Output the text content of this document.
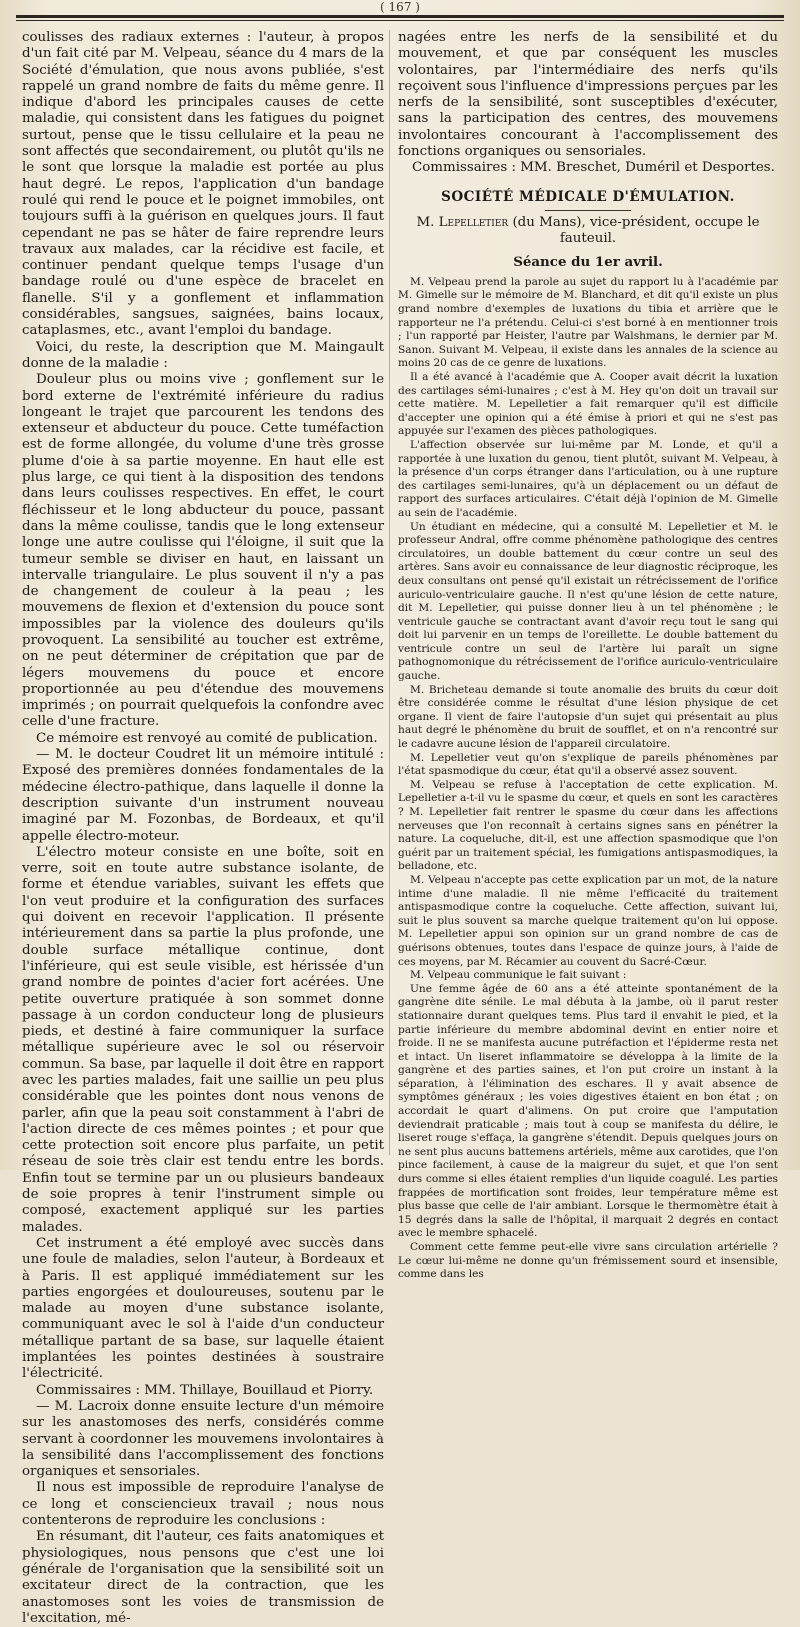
( 167 )

coulisses des radiaux externes : l'auteur, à propos d'un fait cité par M. Velpeau, séance du 4 mars de la Société d'émulation, que nous avons publiée, s'est rappelé un grand nombre de faits du même genre. Il indique d'abord les principales causes de cette maladie, qui consistent dans les fatigues du poignet surtout, pense que le tissu cellulaire et la peau ne sont affectés que secondairement, ou plutôt qu'ils ne le sont que lorsque la maladie est portée au plus haut degré. Le repos, l'application d'un bandage roulé qui rend le pouce et le poignet immobiles, ont toujours suffi à la guérison en quelques jours. Il faut cependant ne pas se hâter de faire reprendre leurs travaux aux malades, car la récidive est facile, et continuer pendant quelque temps l'usage d'un bandage roulé ou d'une espèce de bracelet en flanelle. S'il y a gonflement et inflammation considérables, sangsues, saignées, bains locaux, cataplasmes, etc., avant l'emploi du bandage.

Voici, du reste, la description que M. Maingault donne de la maladie :

Douleur plus ou moins vive ; gonflement sur le bord externe de l'extrémité inférieure du radius longeant le trajet que parcourent les tendons des extenseur et abducteur du pouce. Cette tuméfaction est de forme allongée, du volume d'une très grosse plume d'oie à sa partie moyenne. En haut elle est plus large, ce qui tient à la disposition des tendons dans leurs coulisses respectives. En effet, le court fléchisseur et le long abducteur du pouce, passant dans la même coulisse, tandis que le long extenseur longe une autre coulisse qui l'éloigne, il suit que la tumeur semble se diviser en haut, en laissant un intervalle triangulaire. Le plus souvent il n'y a pas de changement de couleur à la peau ; les mouvemens de flexion et d'extension du pouce sont impossibles par la violence des douleurs qu'ils provoquent. La sensibilité au toucher est extrême, on ne peut déterminer de crépitation que par de légers mouvemens du pouce et encore proportionnée au peu d'étendue des mouvemens imprimés ; on pourrait quelquefois la confondre avec celle d'une fracture.

Ce mémoire est renvoyé au comité de publication.

— M. le docteur Coudret lit un mémoire intitulé : Exposé des premières données fondamentales de la médecine électro-pathique, dans laquelle il donne la description suivante d'un instrument nouveau imaginé par M. Fozonbas, de Bordeaux, et qu'il appelle électro-moteur.

L'électro moteur consiste en une boîte, soit en verre, soit en toute autre substance isolante, de forme et étendue variables, suivant les effets que l'on veut produire et la configuration des surfaces qui doivent en recevoir l'application. Il présente intérieurement dans sa partie la plus profonde, une double surface métallique continue, dont l'inférieure, qui est seule visible, est hérissée d'un grand nombre de pointes d'acier fort acérées. Une petite ouverture pratiquée à son sommet donne passage à un cordon conducteur long de plusieurs pieds, et destiné à faire communiquer la surface métallique supérieure avec le sol ou réservoir commun. Sa base, par laquelle il doit être en rapport avec les parties malades, fait une saillie un peu plus considérable que les pointes dont nous venons de parler, afin que la peau soit constamment à l'abri de l'action directe de ces mêmes pointes ; et pour que cette protection soit encore plus parfaite, un petit réseau de soie très clair est tendu entre les bords. Enfin tout se termine par un ou plusieurs bandeaux de soie propres à tenir l'instrument simple ou composé, exactement appliqué sur les parties malades.

Cet instrument a été employé avec succès dans une foule de maladies, selon l'auteur, à Bordeaux et à Paris. Il est appliqué immédiatement sur les parties engorgées et douloureuses, soutenu par le malade au moyen d'une substance isolante, communiquant avec le sol à l'aide d'un conducteur métallique partant de sa base, sur laquelle étaient implantées les pointes destinées à soustraire l'électricité.

Commissaires : MM. Thillaye, Bouillaud et Piorry.

— M. Lacroix donne ensuite lecture d'un mémoire sur les anastomoses des nerfs, considérés comme servant à coordonner les mouvemens involontaires à la sensibilité dans l'accomplissement des fonctions organiques et sensoriales.

Il nous est impossible de reproduire l'analyse de ce long et consciencieux travail ; nous nous contenterons de reproduire les conclusions :

En résumant, dit l'auteur, ces faits anatomiques et physiologiques, nous pensons que c'est une loi générale de l'organisation que la sensibilité soit un excitateur direct de la contraction, que les anastomoses sont les voies de transmission de l'excitation, mé-

nagées entre les nerfs de la sensibilité et du mouvement, et que par conséquent les muscles volontaires, par l'intermédiaire des nerfs qu'ils reçoivent sous l'influence d'impressions perçues par les nerfs de la sensibilité, sont susceptibles d'exécuter, sans la participation des centres, des mouvemens involontaires concourant à l'accomplissement des fonctions organiques ou sensoriales.

Commissaires : MM. Breschet, Duméril et Desportes.

SOCIÉTÉ MÉDICALE D'ÉMULATION.

M. Lepelletier (du Mans), vice-président, occupe le fauteuil.

Séance du 1er avril.

M. Velpeau prend la parole au sujet du rapport lu à l'académie par M. Gimelle sur le mémoire de M. Blanchard, et dit qu'il existe un plus grand nombre d'exemples de luxations du tibia et arrière que le rapporteur ne l'a prétendu. Celui-ci s'est borné à en mentionner trois ; l'un rapporté par Heister, l'autre par Walshmans, le dernier par M. Sanon. Suivant M. Velpeau, il existe dans les annales de la science au moins 20 cas de ce genre de luxations.

Il a été avancé à l'académie que A. Cooper avait décrit la luxation des cartilages sémi-lunaires ; c'est à M. Hey qu'on doit un travail sur cette matière. M. Lepelletier a fait remarquer qu'il est difficile d'accepter une opinion qui a été émise à priori et qui ne s'est pas appuyée sur l'examen des pièces pathologiques.

L'affection observée sur lui-même par M. Londe, et qu'il a rapportée à une luxation du genou, tient plutôt, suivant M. Velpeau, à la présence d'un corps étranger dans l'articulation, ou à une rupture des cartilages semi-lunaires, qu'à un déplacement ou un défaut de rapport des surfaces articulaires. C'était déjà l'opinion de M. Gimelle au sein de l'académie.

Un étudiant en médecine, qui a consulté M. Lepelletier et M. le professeur Andral, offre comme phénomène pathologique des centres circulatoires, un double battement du cœur contre un seul des artères. Sans avoir eu connaissance de leur diagnostic réciproque, les deux consultans ont pensé qu'il existait un rétrécissement de l'orifice auriculo-ventriculaire gauche. Il n'est qu'une lésion de cette nature, dit M. Lepelletier, qui puisse donner lieu à un tel phénomène ; le ventricule gauche se contractant avant d'avoir reçu tout le sang qui doit lui parvenir en un temps de l'oreillette. Le double battement du ventricule contre un seul de l'artère lui paraît un signe pathognomonique du rétrécissement de l'orifice auriculo-ventriculaire gauche.

M. Bricheteau demande si toute anomalie des bruits du cœur doit être considérée comme le résultat d'une lésion physique de cet organe. Il vient de faire l'autopsie d'un sujet qui présentait au plus haut degré le phénomène du bruit de soufflet, et on n'a rencontré sur le cadavre aucune lésion de l'appareil circulatoire.

M. Lepelletier veut qu'on s'explique de pareils phénomènes par l'état spasmodique du cœur, état qu'il a observé assez souvent.

M. Velpeau se refuse à l'acceptation de cette explication. M. Lepelletier a-t-il vu le spasme du cœur, et quels en sont les caractères ? M. Lepelletier fait rentrer le spasme du cœur dans les affections nerveuses que l'on reconnaît à certains signes sans en pénétrer la nature. La coqueluche, dit-il, est une affection spasmodique que l'on guérit par un traitement spécial, les fumigations antispasmodiques, la belladone, etc.

M. Velpeau n'accepte pas cette explication par un mot, de la nature intime d'une maladie. Il nie même l'efficacité du traitement antispasmodique contre la coqueluche. Cette affection, suivant lui, suit le plus souvent sa marche quelque traitement qu'on lui oppose. M. Lepelletier appui son opinion sur un grand nombre de cas de guérisons obtenues, toutes dans l'espace de quinze jours, à l'aide de ces moyens, par M. Récamier au couvent du Sacré-Cœur.

M. Velpeau communique le fait suivant :

Une femme âgée de 60 ans a été atteinte spontanément de la gangrène dite sénile. Le mal débuta à la jambe, où il parut rester stationnaire durant quelques tems. Plus tard il envahit le pied, et la partie inférieure du membre abdominal devint en entier noire et froide. Il ne se manifesta aucune putréfaction et l'épiderme resta net et intact. Un liseret inflammatoire se développa à la limite de la gangrène et des parties saines, et l'on put croire un instant à la séparation, à l'élimination des eschares. Il y avait absence de symptômes généraux ; les voies digestives étaient en bon état ; on accordait le quart d'alimens. On put croire que l'amputation deviendrait praticable ; mais tout à coup se manifesta du délire, le liseret rouge s'effaça, la gangrène s'étendit. Depuis quelques jours on ne sent plus aucuns battemens artériels, même aux carotides, que l'on pince facilement, à cause de la maigreur du sujet, et que l'on sent durs comme si elles étaient remplies d'un liquide coagulé. Les parties frappées de mortification sont froides, leur température même est plus basse que celle de l'air ambiant. Lorsque le thermomètre était à 15 degrés dans la salle de l'hôpital, il marquait 2 degrés en contact avec le membre sphacelé.

Comment cette femme peut-elle vivre sans circulation artérielle ? Le cœur lui-même ne donne qu'un frémissement sourd et insensible, comme dans les
